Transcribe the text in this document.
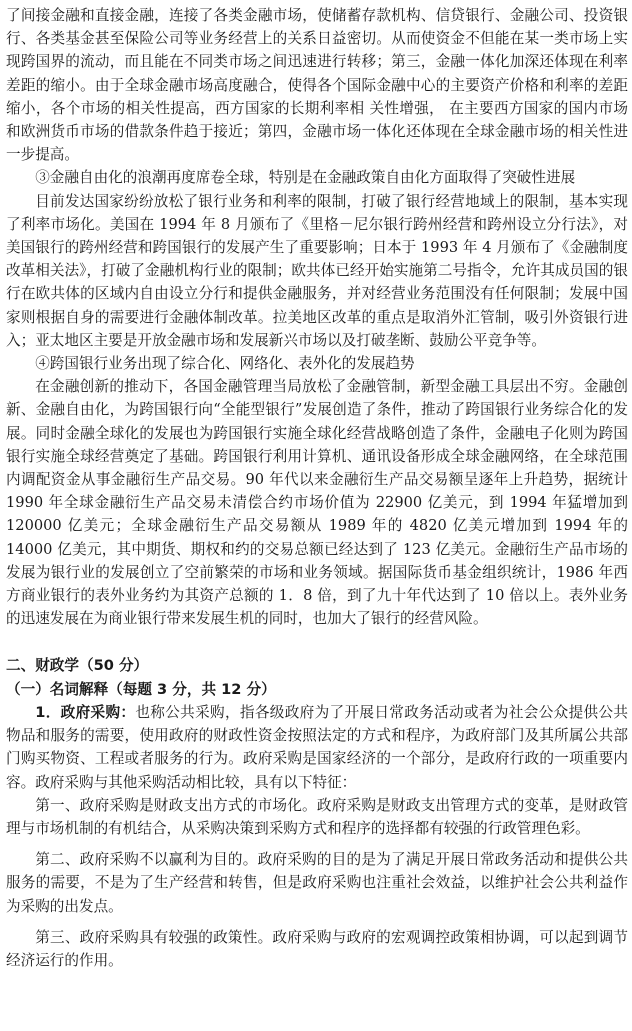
了间接金融和直接金融，连接了各类金融市场，使储蓄存款机构、信贷银行、金融公司、投资银行、各类基金甚至保险公司等业务经营上的关系日益密切。从而使资金不但能在某一类市场上实现跨国界的流动，而且能在不同类市场之间迅速进行转移；第三，金融一体化加深还体现在利率差距的缩小。由于全球金融市场高度融合，使得各个国际金融中心的主要资产价格和利率的差距缩小，各个市场的相关性提高，西方国家的长期利率相 关性增强， 在主要西方国家的国内市场和欧洲货币市场的借款条件趋于接近；第四，金融市场一体化还体现在全球金融市场的相关性进一步提高。

③金融自由化的浪潮再度席卷全球，特别是在金融政策自由化方面取得了突破性进展

目前发达国家纷纷放松了银行业务和利率的限制，打破了银行经营地域上的限制，基本实现了利率市场化。美国在 1994 年 8 月颁布了《里格－尼尔银行跨州经营和跨州设立分行法》，对美国银行的跨州经营和跨国银行的发展产生了重要影响；日本于 1993 年 4 月颁布了《金融制度改革相关法》，打破了金融机构行业的限制；欧共体已经开始实施第二号指令，允许其成员国的银行在欧共体的区域内自由设立分行和提供金融服务，并对经营业务范围没有任何限制；发展中国家则根据自身的需要进行金融体制改革。拉美地区改革的重点是取消外汇管制，吸引外资银行进入；亚太地区主要是开放金融市场和发展新兴市场以及打破垄断、鼓励公平竞争等。

④跨国银行业务出现了综合化、网络化、表外化的发展趋势

在金融创新的推动下，各国金融管理当局放松了金融管制，新型金融工具层出不穷。金融创新、金融自由化，为跨国银行向“全能型银行”发展创造了条件，推动了跨国银行业务综合化的发展。同时金融全球化的发展也为跨国银行实施全球化经营战略创造了条件，金融电子化则为跨国银行实施全球经营奠定了基础。跨国银行利用计算机、通讯设备形成全球金融网络，在全球范围内调配资金从事金融衍生产品交易。90 年代以来金融衍生产品交易额呈逐年上升趋势，据统计 1990 年全球金融衍生产品交易未清偿合约市场价值为 22900 亿美元，到 1994 年猛增加到 120000 亿美元；全球金融衍生产品交易额从 1989 年的 4820 亿美元增加到 1994 年的 14000 亿美元，其中期货、期权和约的交易总额已经达到了 123 亿美元。金融衍生产品市场的发展为银行业的发展创立了空前繁荣的市场和业务领域。据国际货币基金组织统计，1986 年西方商业银行的表外业务约为其资产总额的 1．8 倍，到了九十年代达到了 10 倍以上。表外业务的迅速发展在为商业银行带来发展生机的同时，也加大了银行的经营风险。

二、财政学（50 分）

（一）名词解释（每题 3 分，共 12 分）

1．政府采购：也称公共采购，指各级政府为了开展日常政务活动或者为社会公众提供公共物品和服务的需要，使用政府的财政性资金按照法定的方式和程序，为政府部门及其所属公共部门购买物资、工程或者服务的行为。政府采购是国家经济的一个部分，是政府行政的一项重要内容。政府采购与其他采购活动相比较，具有以下特征：

第一、政府采购是财政支出方式的市场化。政府采购是财政支出管理方式的变革，是财政管理与市场机制的有机结合，从采购决策到采购方式和程序的选择都有较强的行政管理色彩。

第二、政府采购不以赢利为目的。政府采购的目的是为了满足开展日常政务活动和提供公共服务的需要，不是为了生产经营和转售，但是政府采购也注重社会效益，以维护社会公共利益作为采购的出发点。

第三、政府采购具有较强的政策性。政府采购与政府的宏观调控政策相协调，可以起到调节经济运行的作用。
